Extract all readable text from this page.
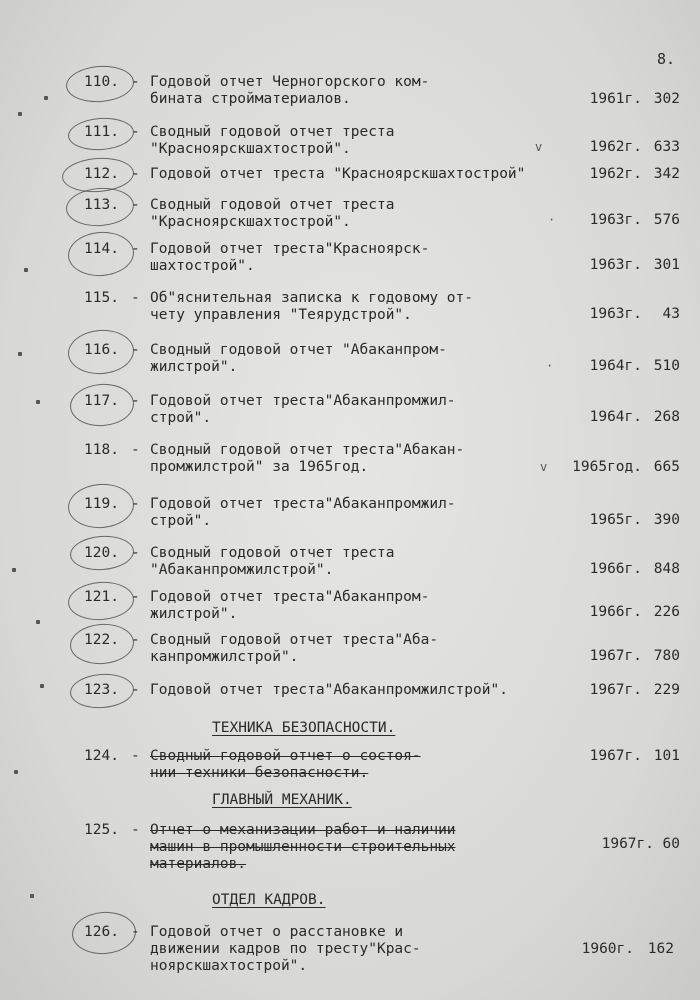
8.
110. - Годовой отчет Черногорского ком-
бината стройматериалов.	1961г. 302
111. - Сводный годовой отчет треста
"Красноярскшахтострой".	v	1962г. 633
112. - Годовой отчет треста "Красноярскшахтострой"	1962г. 342
113. - Сводный годовой отчет треста
"Красноярскшахтострой".	·	1963г. 576
114. - Годовой отчет треста"Красноярск-
шахтострой".	1963г. 301
115. - Об"яснительная записка к годовому от-
чету управления "Теярудстрой".	1963г.	43
116. - Сводный годовой отчет "Абаканпром-
жилстрой".	·	1964г. 510
117. - Годовой отчет треста"Абаканпромжил-
строй".	1964г. 268
118. - Сводный годовой отчет треста"Абакан-
промжилстрой" за 1965год.	v	1965год. 665
119. - Годовой отчет треста"Абаканпромжил-
строй".	1965г. 390
120. - Сводный годовой отчет треста
"Абаканпромжилстрой".	1966г. 848
121. - Годовой отчет треста"Абаканпром-
жилстрой".	1966г. 226
122. - Сводный годовой отчет треста"Аба-
канпромжилстрой".	1967г. 780
123. - Годовой отчет треста"Абаканпромжилстрой".	1967г. 229
ТЕХНИКА БЕЗОПАСНОСТИ.
124. - Сводный годовой отчет о состоя-
нии техники безопасности.
1967г. 101
ГЛАВНЫЙ МЕХАНИК.
125. - Отчет о механизации работ и наличии
машин в промышленности строительных
материалов.
1967г. 60
ОТДЕЛ КАДРОВ.
126. - Годовой отчет о расстановке и
движении кадров по тресту"Крас-
ноярскшахтострой".
1960г. 162
